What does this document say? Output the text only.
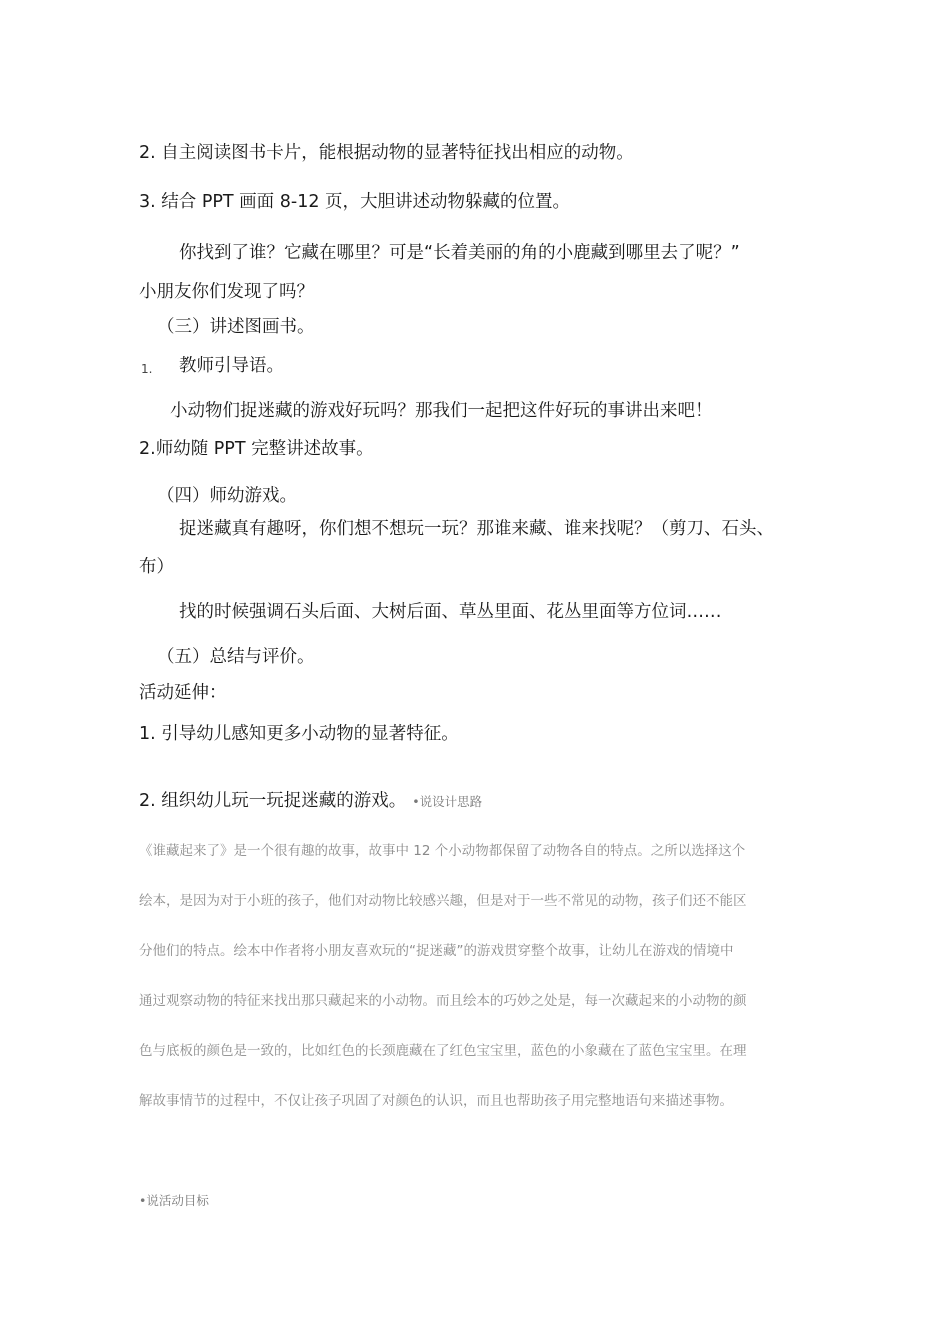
2. 自主阅读图书卡片，能根据动物的显著特征找出相应的动物。
3. 结合 PPT 画面 8-12 页，大胆讲述动物躲藏的位置。
你找到了谁？它藏在哪里？可是“长着美丽的角的小鹿藏到哪里去了呢？”
小朋友你们发现了吗？
（三）讲述图画书。
1. 教师引导语。
小动物们捉迷藏的游戏好玩吗？那我们一起把这件好玩的事讲出来吧！
2.师幼随 PPT 完整讲述故事。
（四）师幼游戏。
捉迷藏真有趣呀，你们想不想玩一玩？那谁来藏、谁来找呢？（剪刀、石头、
布）
找的时候强调石头后面、大树后面、草丛里面、花丛里面等方位词……
（五）总结与评价。
活动延伸：
1. 引导幼儿感知更多小动物的显著特征。
2. 组织幼儿玩一玩捉迷藏的游戏。 •说设计思路
《谁藏起来了》是一个很有趣的故事，故事中 12 个小动物都保留了动物各自的特点。之所以选择这个
绘本，是因为对于小班的孩子，他们对动物比较感兴趣，但是对于一些不常见的动物，孩子们还不能区
分他们的特点。绘本中作者将小朋友喜欢玩的“捉迷藏”的游戏贯穿整个故事，让幼儿在游戏的情境中
通过观察动物的特征来找出那只藏起来的小动物。而且绘本的巧妙之处是，每一次藏起来的小动物的颜
色与底板的颜色是一致的，比如红色的长颈鹿藏在了红色宝宝里，蓝色的小象藏在了蓝色宝宝里。在理
解故事情节的过程中，不仅让孩子巩固了对颜色的认识，而且也帮助孩子用完整地语句来描述事物。
•说活动目标
